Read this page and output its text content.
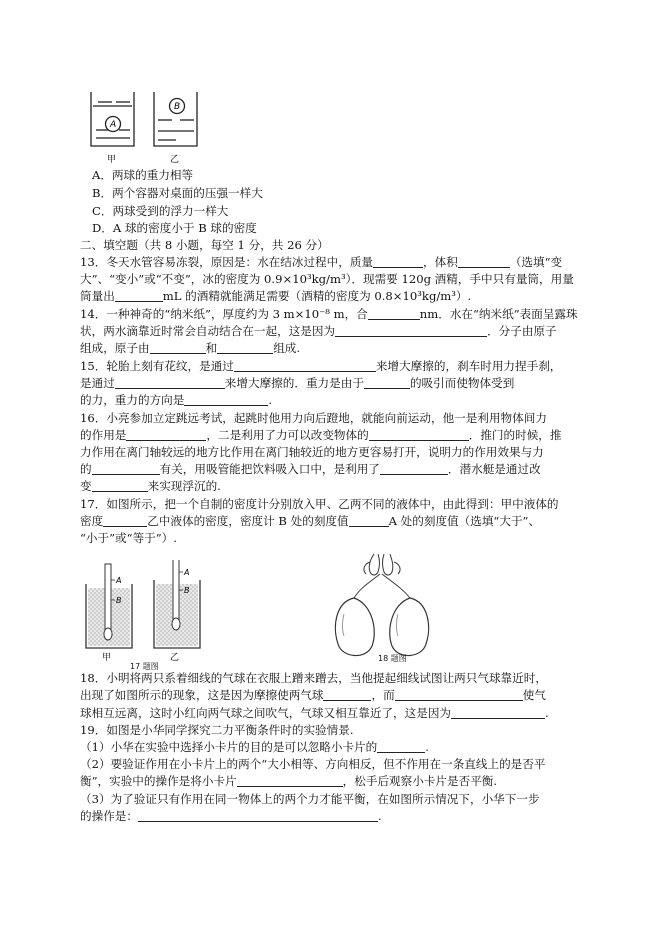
A
B
甲	乙
A．两球的重力相等
B．两个容器对桌面的压强一样大
C．两球受到的浮力一样大
D．A 球的密度小于 B 球的密度
二、填空题（共 8 小题，每空 1 分，共 26 分）
13．冬天水管容易冻裂，原因是：水在结冰过程中，质量	，体积	（选填“变
大”、“变小”或“不变”，冰的密度为 0.9×10³kg/m³）．现需要 120g 酒精，手中只有量筒，用量
筒量出	mL 的酒精就能满足需要（酒精的密度为 0.8×10³kg/m³）.
14．一种神奇的“纳米纸”，厚度约为 3 m×10⁻⁸ m，合	nm．水在“纳米纸”表面呈露珠
状，两水滴靠近时常会自动结合在一起，这是因为	．分子由原子
组成，原子由	和	组成.
15．轮胎上刻有花纹，是通过	来增大摩擦的，刹车时用力捏手刹，
是通过	来增大摩擦的．重力是由于	的吸引而使物体受到
的力，重力的方向是	.
16．小亮参加立定跳远考试，起跳时他用力向后蹬地，就能向前运动，他一是利用物体间力
的作用是	，二是利用了力可以改变物体的	．推门的时候，推
力作用在离门轴较远的地方比作用在离门轴较近的地方更容易打开，说明力的作用效果与力
的	有关，用吸管能把饮料吸入口中，是利用了	．潜水艇是通过改
变	来实现浮沉的.
17．如图所示，把一个自制的密度计分别放入甲、乙两不同的液体中，由此得到：甲中液体的
密度	乙中液体的密度，密度计 B 处的刻度值	A 处的刻度值（选填“大于”、
“小于”或“等于”）.
A
B
A
B
甲	乙
17 题图
18 题图
18．小明将两只系着细线的气球在衣服上蹭来蹭去，当他提起细线试图让两只气球靠近时，
出现了如图所示的现象，这是因为摩擦使两气球	，而	使气
球相互远离，这时小红向两气球之间吹气，气球又相互靠近了，这是因为	.
19．如图是小华同学探究二力平衡条件时的实验情景.
（1）小华在实验中选择小卡片的目的是可以忽略小卡片的	.
（2）要验证作用在小卡片上的两个“大小相等、方向相反，但不作用在一条直线上的是否平
衡”，实验中的操作是将小卡片	，松手后观察小卡片是否平衡.
（3）为了验证只有作用在同一物体上的两个力才能平衡，在如图所示情况下，小华下一步
的操作是：	.
